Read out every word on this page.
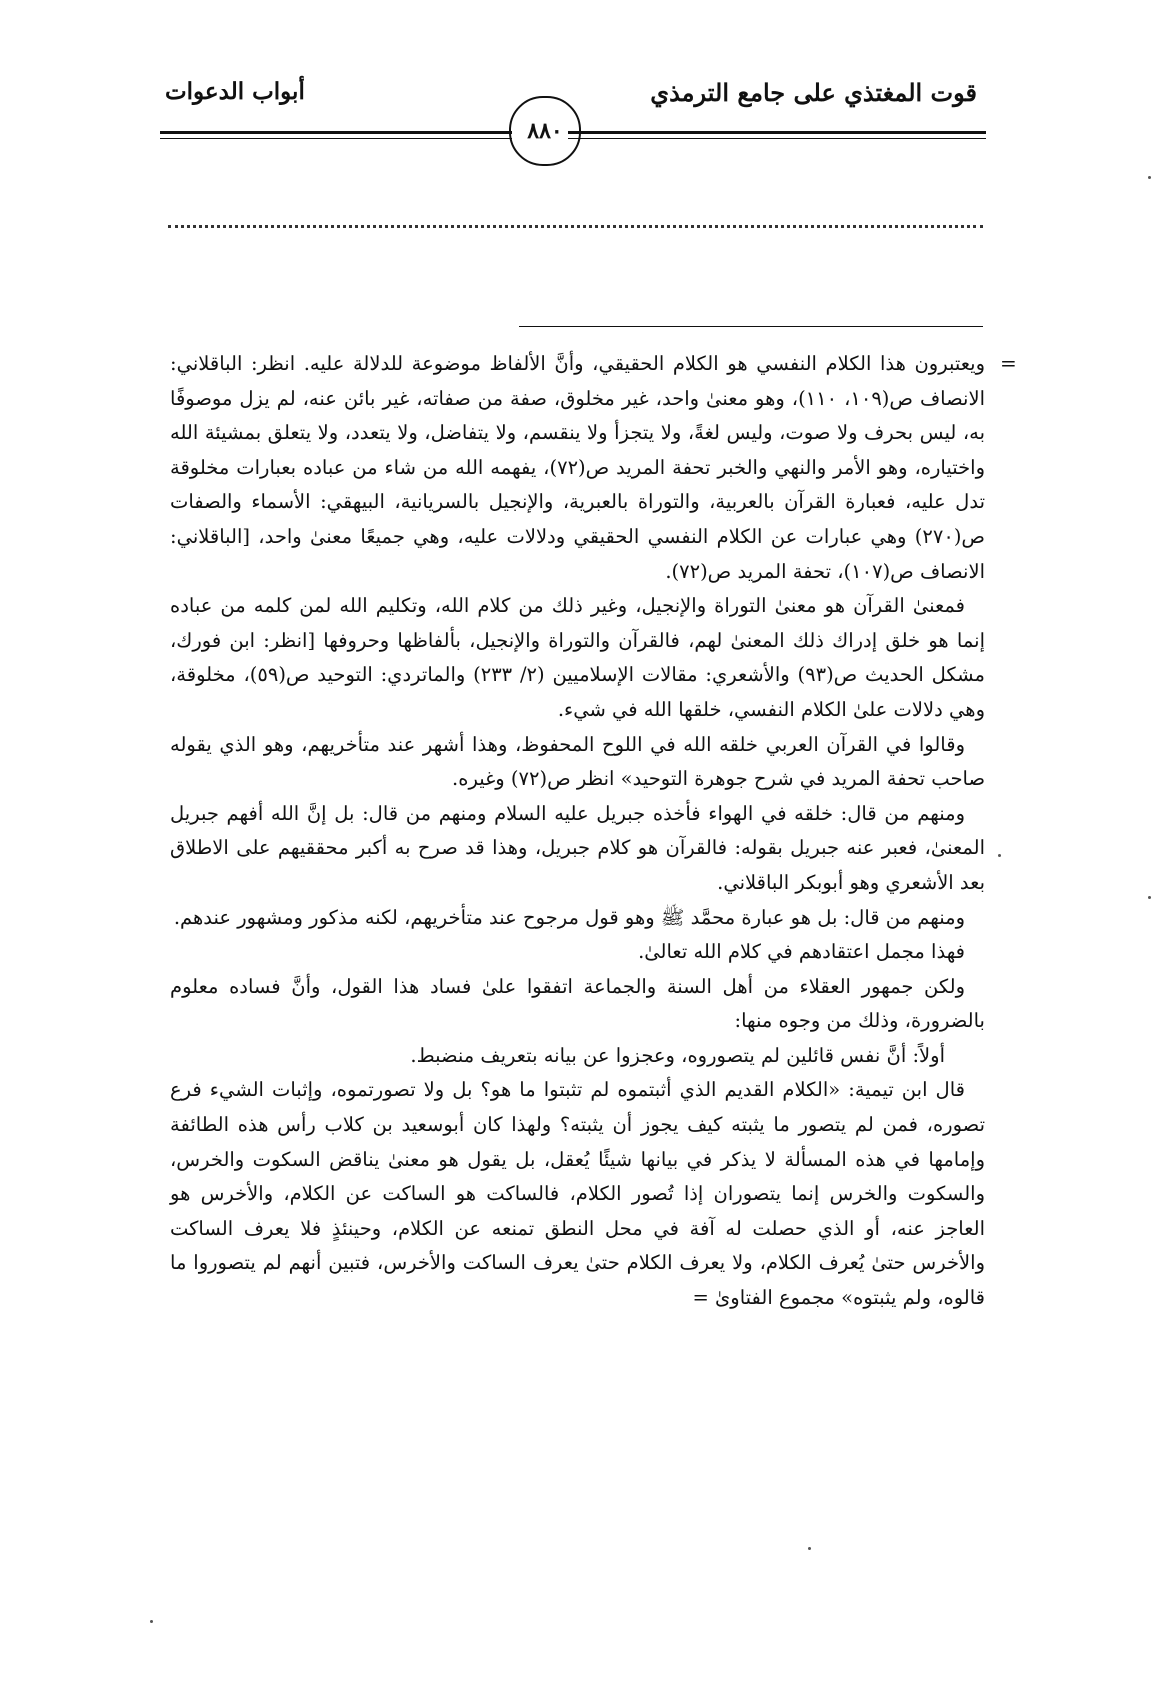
قوت المغتذي على جامع الترمذي
أبواب الدعوات
٨٨٠
=

ويعتبرون هذا الكلام النفسي هو الكلام الحقيقي، وأنَّ الألفاظ موضوعة للدلالة عليه. انظر: الباقلاني: الانصاف ص(١٠٩، ١١٠)، وهو معنىٰ واحد، غير مخلوق، صفة من صفاته، غير بائن عنه، لم يزل موصوفًا به، ليس بحرف ولا صوت، وليس لغةً، ولا يتجزأ ولا ينقسم، ولا يتفاضل، ولا يتعدد، ولا يتعلق بمشيئة الله واختياره، وهو الأمر والنهي والخبر تحفة المريد ص(٧٢)، يفهمه الله من شاء من عباده بعبارات مخلوقة تدل عليه، فعبارة القرآن بالعربية، والتوراة بالعبرية، والإنجيل بالسريانية، البيهقي: الأسماء والصفات ص(٢٧٠) وهي عبارات عن الكلام النفسي الحقيقي ودلالات عليه، وهي جميعًا معنىٰ واحد، [الباقلاني: الانصاف ص(١٠٧)، تحفة المريد ص(٧٢).

فمعنىٰ القرآن هو معنىٰ التوراة والإنجيل، وغير ذلك من كلام الله، وتكليم الله لمن كلمه من عباده إنما هو خلق إدراك ذلك المعنىٰ لهم، فالقرآن والتوراة والإنجيل، بألفاظها وحروفها [انظر: ابن فورك، مشكل الحديث ص(٩٣) والأشعري: مقالات الإسلاميين (٢/ ٢٣٣) والماتردي: التوحيد ص(٥٩)، مخلوقة، وهي دلالات علىٰ الكلام النفسي، خلقها الله في شيء.

وقالوا في القرآن العربي خلقه الله في اللوح المحفوظ، وهذا أشهر عند متأخريهم، وهو الذي يقوله صاحب تحفة المريد في شرح جوهرة التوحيد» انظر ص(٧٢) وغيره.

ومنهم من قال: خلقه في الهواء فأخذه جبريل عليه السلام ومنهم من قال: بل إنَّ الله أفهم جبريل المعنىٰ، فعبر عنه جبريل بقوله: فالقرآن هو كلام جبريل، وهذا قد صرح به أكبر محققيهم على الاطلاق بعد الأشعري وهو أبوبكر الباقلاني.

ومنهم من قال: بل هو عبارة محمَّد ﷺ وهو قول مرجوح عند متأخريهم، لكنه مذكور ومشهور عندهم.

فهذا مجمل اعتقادهم في كلام الله تعالىٰ.

ولكن جمهور العقلاء من أهل السنة والجماعة اتفقوا علىٰ فساد هذا القول، وأنَّ فساده معلوم بالضرورة، وذلك من وجوه منها:

أولاً: أنَّ نفس قائلين لم يتصوروه، وعجزوا عن بيانه بتعريف منضبط.

قال ابن تيمية: «الكلام القديم الذي أثبتموه لم تثبتوا ما هو؟ بل ولا تصورتموه، وإثبات الشيء فرع تصوره، فمن لم يتصور ما يثبته كيف يجوز أن يثبته؟ ولهذا كان أبوسعيد بن كلاب رأس هذه الطائفة وإمامها في هذه المسألة لا يذكر في بيانها شيئًا يُعقل، بل يقول هو معنىٰ يناقض السكوت والخرس، والسكوت والخرس إنما يتصوران إذا تُصور الكلام، فالساكت هو الساكت عن الكلام، والأخرس هو العاجز عنه، أو الذي حصلت له آفة في محل النطق تمنعه عن الكلام، وحينئذٍ فلا يعرف الساكت والأخرس حتىٰ يُعرف الكلام، ولا يعرف الكلام حتىٰ يعرف الساكت والأخرس، فتبين أنهم لم يتصوروا ما قالوه، ولم يثبتوه» مجموع الفتاوىٰ =
